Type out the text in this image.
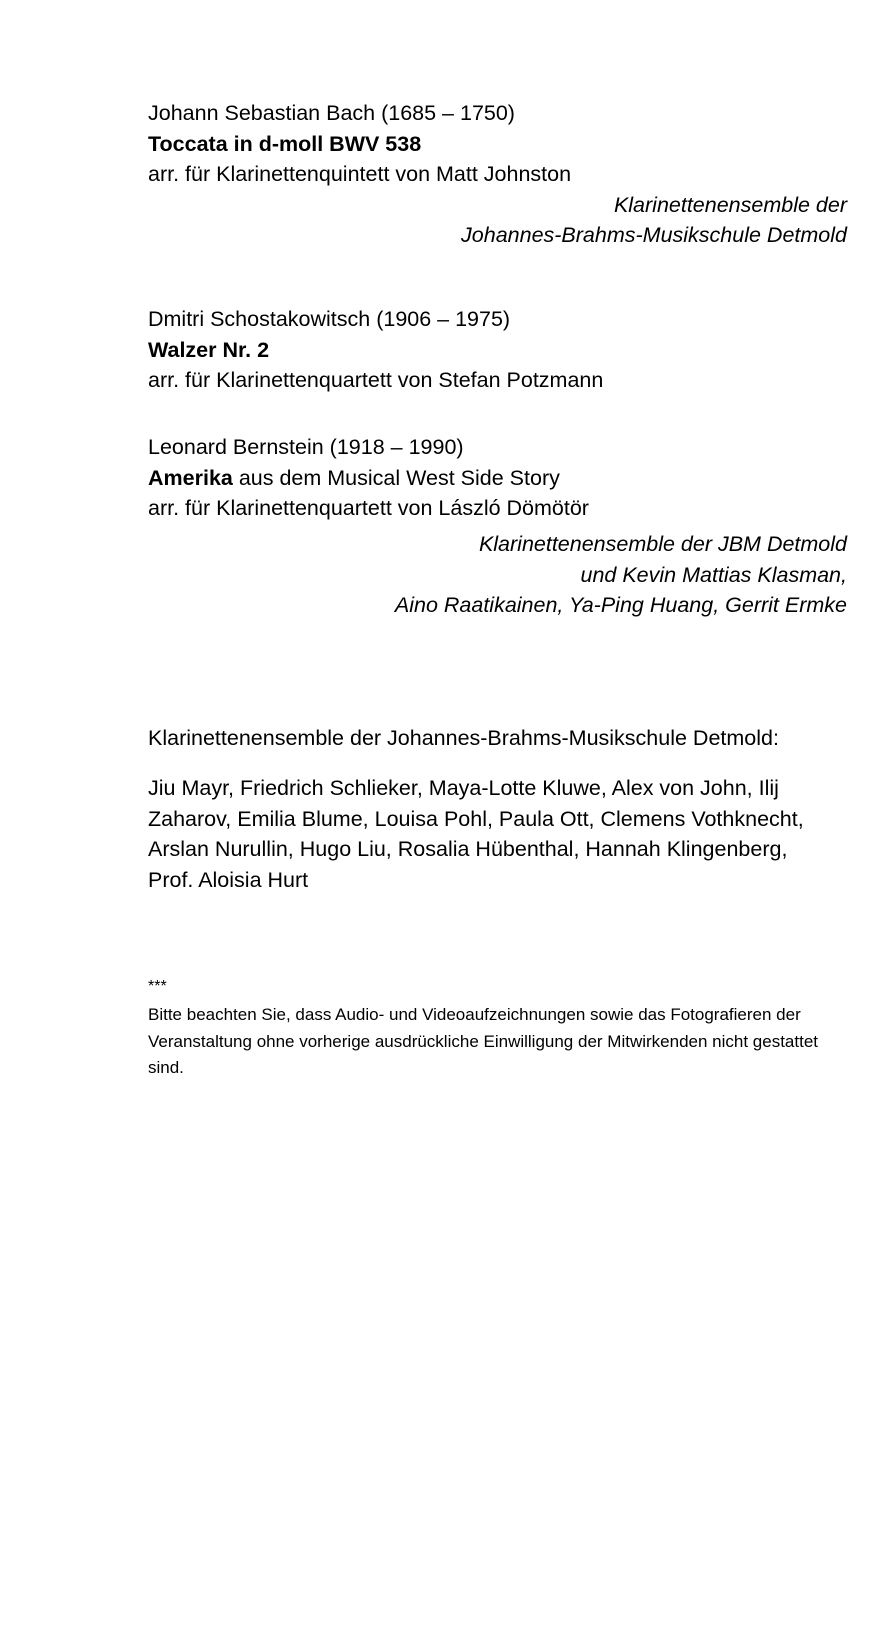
Johann Sebastian Bach (1685 – 1750)
Toccata in d-moll BWV 538
arr. für Klarinettenquintett von Matt Johnston
Klarinettenensemble der
Johannes-Brahms-Musikschule Detmold
Dmitri Schostakowitsch (1906 – 1975)
Walzer Nr. 2
arr. für Klarinettenquartett von Stefan Potzmann
Leonard Bernstein (1918 – 1990)
Amerika aus dem Musical West Side Story
arr. für Klarinettenquartett von László Dömötör
Klarinettenensemble der JBM Detmold
und Kevin Mattias Klasman,
Aino Raatikainen, Ya-Ping Huang, Gerrit Ermke
Klarinettenensemble der Johannes-Brahms-Musikschule Detmold:
Jiu Mayr, Friedrich Schlieker, Maya-Lotte Kluwe, Alex von John, Ilij Zaharov, Emilia Blume, Louisa Pohl, Paula Ott, Clemens Vothknecht, Arslan Nurullin, Hugo Liu, Rosalia Hübenthal, Hannah Klingenberg, Prof. Aloisia Hurt
***
Bitte beachten Sie, dass Audio- und Videoaufzeichnungen sowie das Fotografieren der Veranstaltung ohne vorherige ausdrückliche Einwilligung der Mitwirkenden nicht gestattet sind.
